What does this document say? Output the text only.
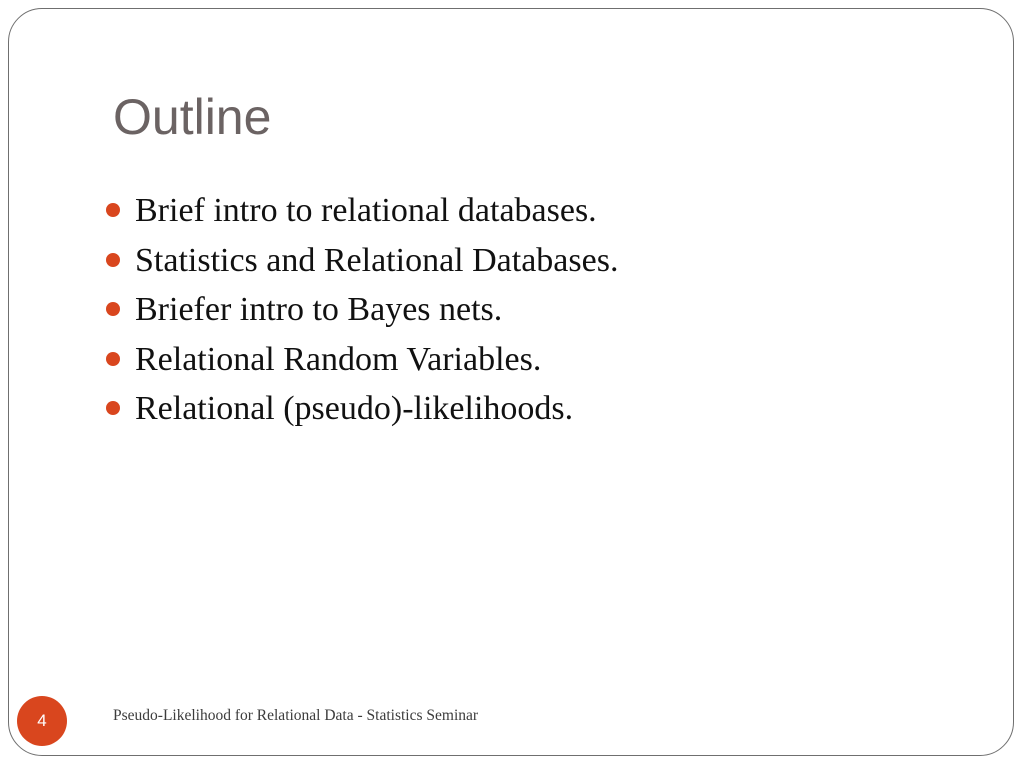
Outline
Brief intro to relational databases.
Statistics and Relational Databases.
Briefer intro to Bayes nets.
Relational Random Variables.
Relational (pseudo)-likelihoods.
4	Pseudo-Likelihood for Relational Data - Statistics Seminar
